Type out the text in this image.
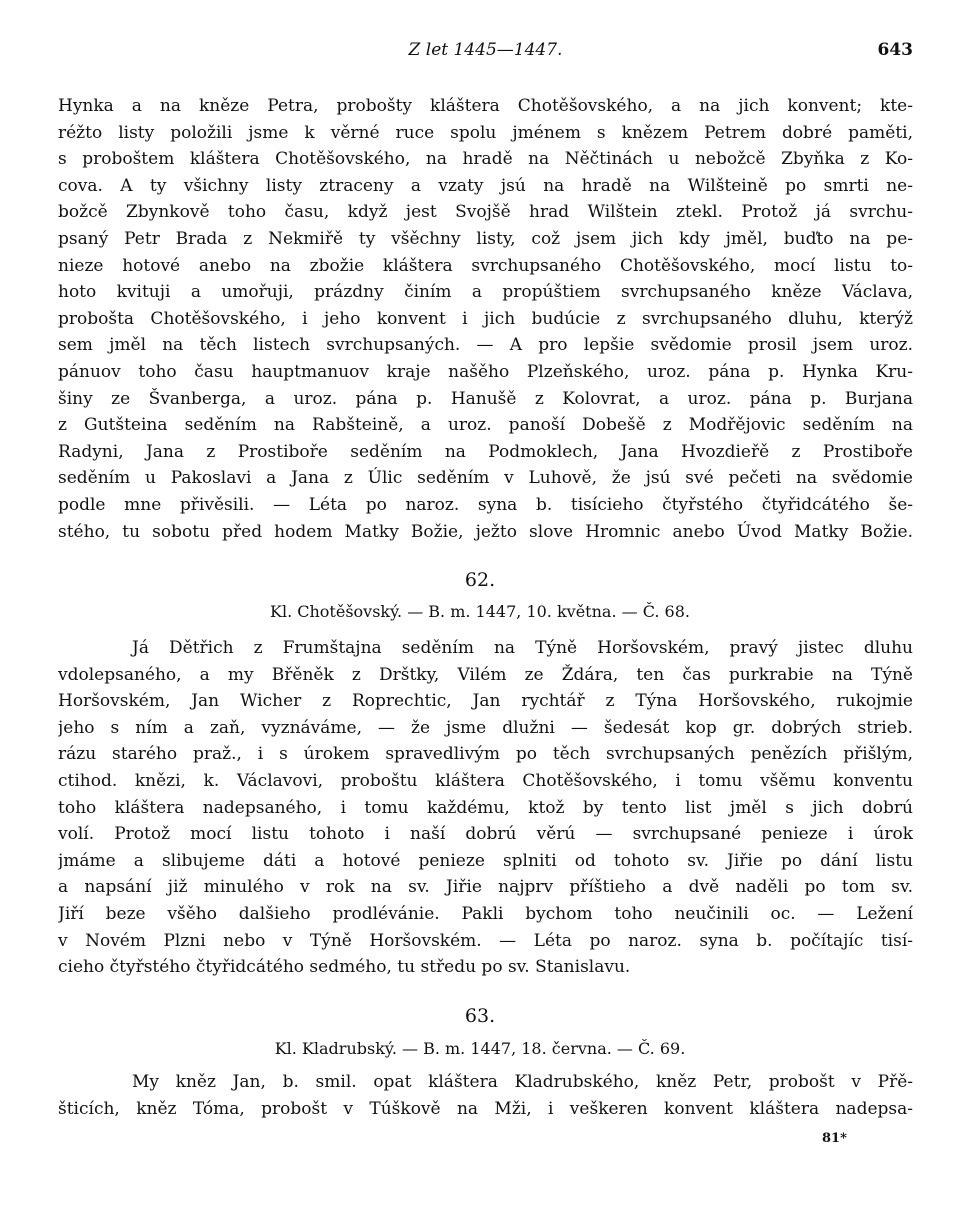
Z let 1445—1447.	643
Hynka a na kněze Petra, probošty kláštera Chotěšovského, a na jich konvent; kte-
réžto listy položili jsme k věrné ruce spolu jménem s knězem Petrem dobré paměti,
s proboštem kláštera Chotěšovského, na hradě na Něčtinách u nebožcě Zbyňka z Ko-
cova. A ty všichny listy ztraceny a vzaty jsú na hradě na Wilšteině po smrti ne-
božcě Zbynkově toho času, když jest Svojšě hrad Wilštein ztekl. Protož já svrchu-
psaný Petr Brada z Nekmiřě ty všěchny listy, což jsem jich kdy jměl, buďto na pe-
nieze hotové anebo na zbožie kláštera svrchupsaného Chotěšovského, mocí listu to-
hoto kvituji a umořuji, prázdny činím a propúštiem svrchupsaného kněze Václava,
probošta Chotěšovského, i jeho konvent i jich budúcie z svrchupsaného dluhu, kterýž
sem jměl na těch listech svrchupsaných. — A pro lepšie svědomie prosil jsem uroz.
pánuov toho času hauptmanuov kraje našěho Plzeňského, uroz. pána p. Hynka Kru-
šiny ze Švanberga, a uroz. pána p. Hanušě z Kolovrat, a uroz. pána p. Burjana
z Gutšteina seděním na Rabšteině, a uroz. panoší Dobešě z Modřějovic seděním na
Radyni, Jana z Prostiboře seděním na Podmoklech, Jana Hvozdieřě z Prostiboře
seděním u Pakoslavi a Jana z Úlic seděním v Luhově, že jsú své pečeti na svědomie
podle mne přivěsili. — Léta po naroz. syna b. tisícieho čtyřstého čtyřidcátého še-
stého, tu sobotu před hodem Matky Božie, ježto slove Hromnic anebo Úvod Matky Božie.
62.
Kl. Chotěšovský. — B. m. 1447, 10. května. — Č. 68.
Já Dětřich z Frumštajna seděním na Týně Horšovském, pravý jistec dluhu
vdolepsaného, a my Břěněk z Drštky, Vilém ze Ždára, ten čas purkrabie na Týně
Horšovském, Jan Wicher z Roprechtic, Jan rychtář z Týna Horšovského, rukojmie
jeho s ním a zaň, vyznáváme, — že jsme dlužni — šedesát kop gr. dobrých strieb.
rázu starého praž., i s úrokem spravedlivým po těch svrchupsaných penězích přišlým,
ctihod. knězi, k. Václavovi, proboštu kláštera Chotěšovského, i tomu všěmu konventu
toho kláštera nadepsaného, i tomu každému, ktož by tento list jměl s jich dobrú
volí. Protož mocí listu tohoto i naší dobrú věrú — svrchupsané penieze i úrok
jmáme a slibujeme dáti a hotové penieze splniti od tohoto sv. Jiřie po dání listu
a napsání již minulého v rok na sv. Jiřie najprv příštieho a dvě naděli po tom sv.
Jiří beze všěho dalšieho prodlévánie. Pakli bychom toho neučinili oc. — Ležení
v Novém Plzni nebo v Týně Horšovském. — Léta po naroz. syna b. počítajíc tisí-
cieho čtyřstého čtyřidcátého sedmého, tu středu po sv. Stanislavu.
63.
Kl. Kladrubský. — B. m. 1447, 18. června. — Č. 69.
My kněz Jan, b. smil. opat kláštera Kladrubského, kněz Petr, probošt v Přě-
šticích, kněz Tóma, probošt v Túškově na Mži, i veškeren konvent kláštera nadepsa-
81*
